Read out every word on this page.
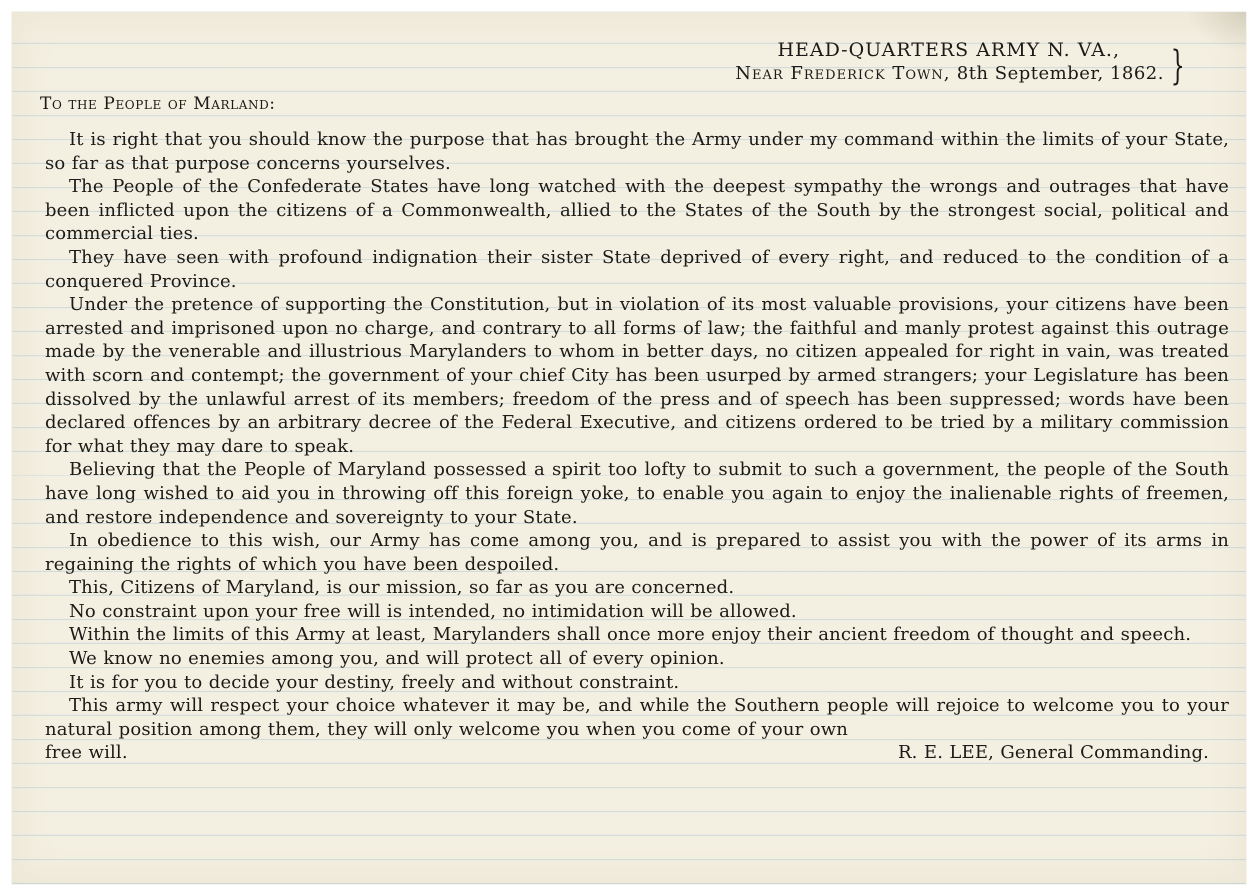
HEAD-QUARTERS ARMY N. VA.,
Near Frederick Town, 8th September, 1862. }
To the People of Marland:

It is right that you should know the purpose that has brought the Army under my command within the limits of your State, so far as that purpose concerns yourselves.

The People of the Confederate States have long watched with the deepest sympathy the wrongs and outrages that have been inflicted upon the citizens of a Commonwealth, allied to the States of the South by the strongest social, political and commercial ties.

They have seen with profound indignation their sister State deprived of every right, and reduced to the condition of a conquered Province.

Under the pretence of supporting the Constitution, but in violation of its most valuable provisions, your citizens have been arrested and imprisoned upon no charge, and contrary to all forms of law; the faithful and manly protest against this outrage made by the venerable and illustrious Marylanders to whom in better days, no citizen appealed for right in vain, was treated with scorn and contempt; the government of your chief City has been usurped by armed strangers; your Legislature has been dissolved by the unlawful arrest of its members; freedom of the press and of speech has been suppressed; words have been declared offences by an arbitrary decree of the Federal Executive, and citizens ordered to be tried by a military commission for what they may dare to speak.

Believing that the People of Maryland possessed a spirit too lofty to submit to such a government, the people of the South have long wished to aid you in throwing off this foreign yoke, to enable you again to enjoy the inalienable rights of freemen, and restore independence and sovereignty to your State.

In obedience to this wish, our Army has come among you, and is prepared to assist you with the power of its arms in regaining the rights of which you have been despoiled.

This, Citizens of Maryland, is our mission, so far as you are concerned.

No constraint upon your free will is intended, no intimidation will be allowed.

Within the limits of this Army at least, Marylanders shall once more enjoy their ancient freedom of thought and speech.

We know no enemies among you, and will protect all of every opinion.

It is for you to decide your destiny, freely and without constraint.

This army will respect your choice whatever it may be, and while the Southern people will rejoice to welcome you to your natural position among them, they will only welcome you when you come of your own

free will.	R. E. LEE, General Commanding.
